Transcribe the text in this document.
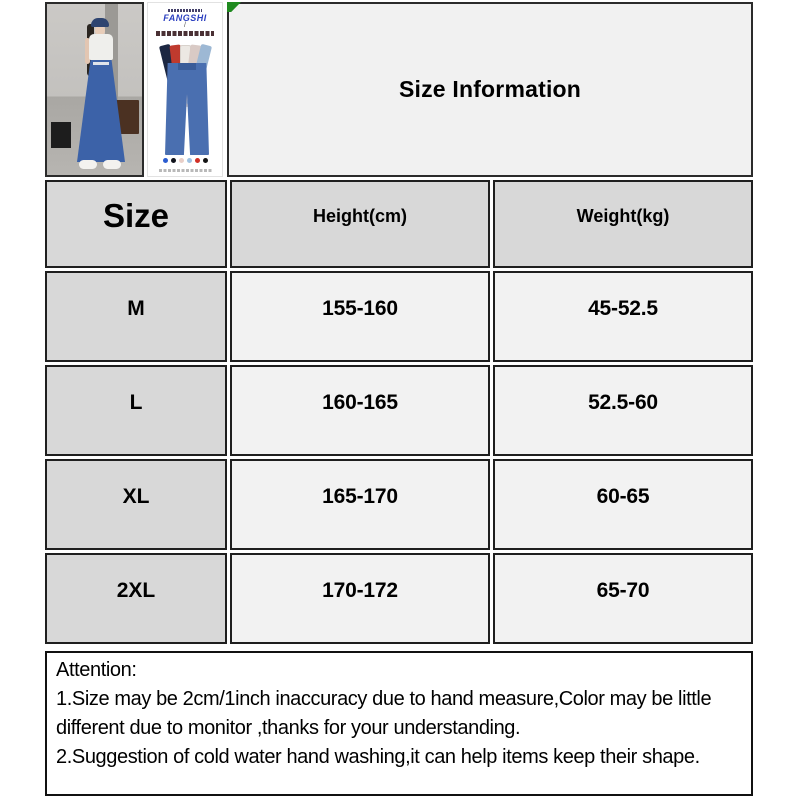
FANGSHI
/
Size Information
Size	Height(cm)	Weight(kg)
M	155-160	45-52.5
L	160-165	52.5-60
XL	165-170	60-65
2XL	170-172	65-70
Attention:
1.Size may be 2cm/1inch inaccuracy due to hand measure,Color may be little different due to monitor ,thanks for your understanding.
2.Suggestion of cold water hand washing,it can help items keep their shape.
